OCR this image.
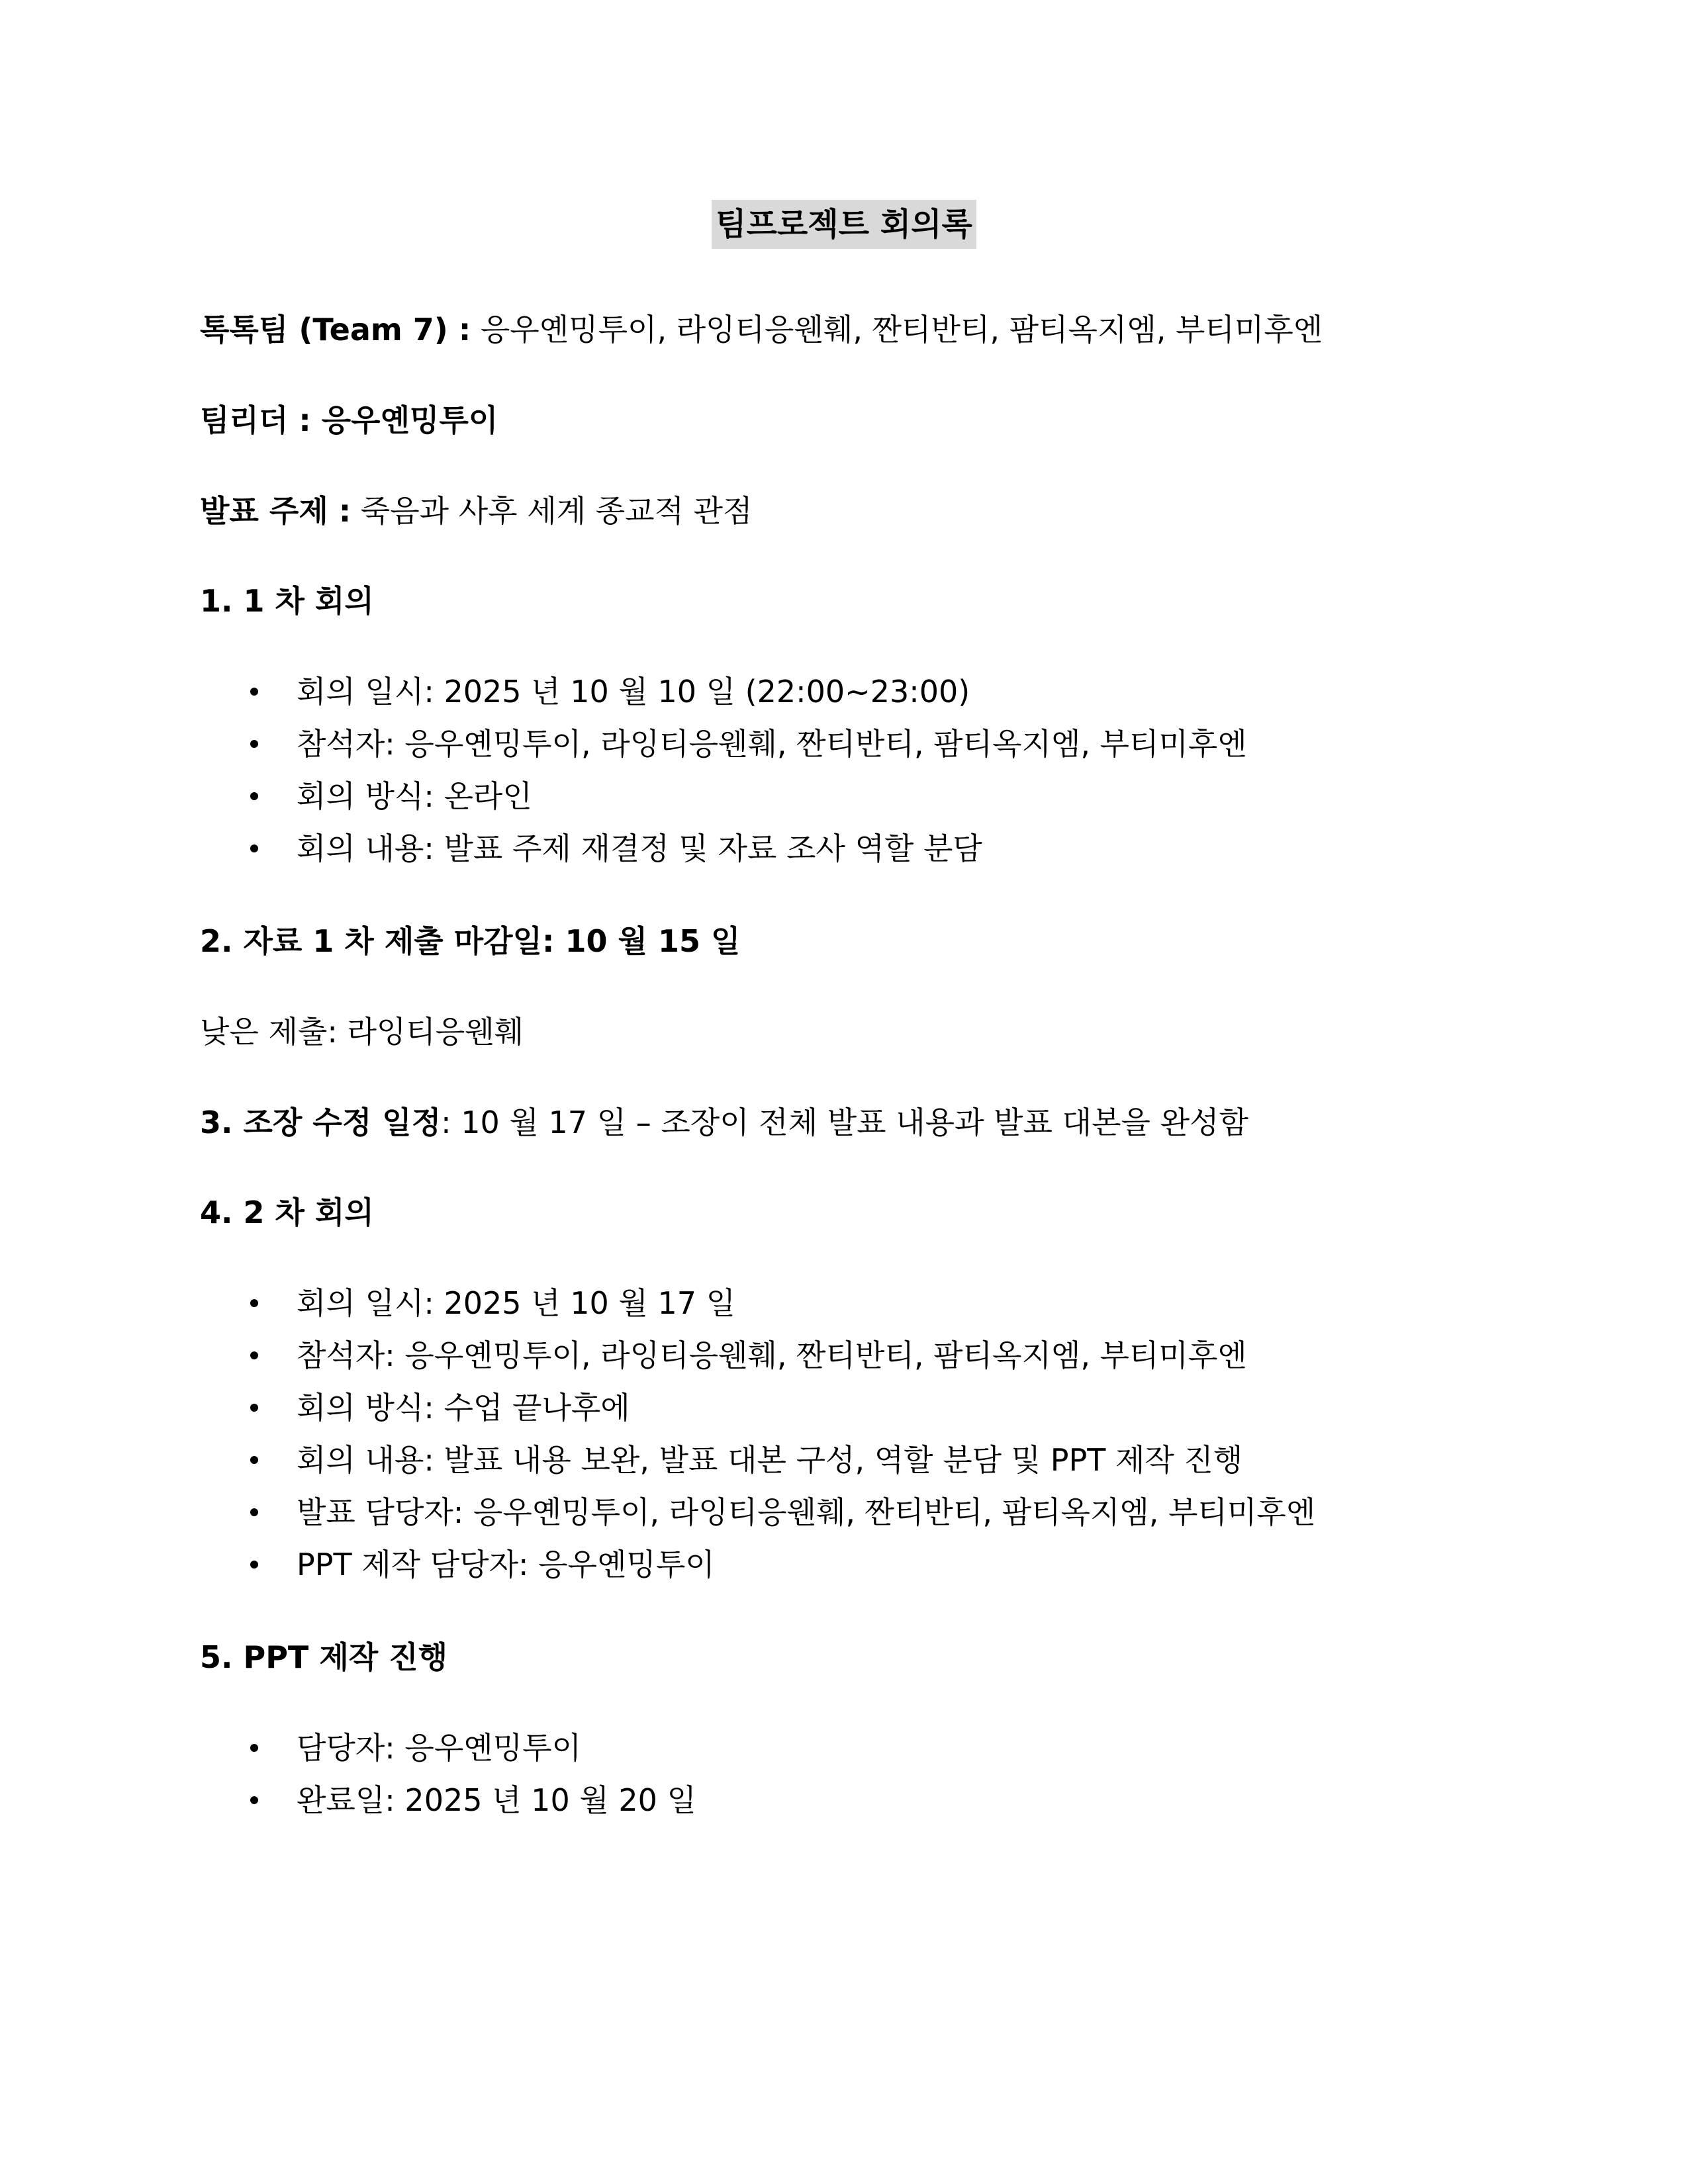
팀프로젝트 회의록
톡톡팀 (Team 7) : 응우옌밍투이, 라잉티응웬훼, 짠티반티, 팜티옥지엠, 부티미후엔
팀리더 : 응우옌밍투이
발표 주제 : 죽음과 사후 세계 종교적 관점
1. 1 차 회의
회의 일시: 2025 년 10 월 10 일 (22:00~23:00)
참석자: 응우옌밍투이, 라잉티응웬훼, 짠티반티, 팜티옥지엠, 부티미후엔
회의 방식: 온라인
회의 내용: 발표 주제 재결정 및 자료 조사 역할 분담
2. 자료 1 차 제출 마감일: 10 월 15 일
낮은 제출: 라잉티응웬훼
3. 조장 수정 일정: 10 월 17 일 – 조장이 전체 발표 내용과 발표 대본을 완성함
4. 2 차 회의
회의 일시: 2025 년 10 월 17 일
참석자: 응우옌밍투이, 라잉티응웬훼, 짠티반티, 팜티옥지엠, 부티미후엔
회의 방식: 수업 끝나후에
회의 내용: 발표 내용 보완, 발표 대본 구성, 역할 분담 및 PPT 제작 진행
발표 담당자: 응우옌밍투이, 라잉티응웬훼, 짠티반티, 팜티옥지엠, 부티미후엔
PPT 제작 담당자: 응우옌밍투이
5. PPT 제작 진행
담당자: 응우옌밍투이
완료일: 2025 년 10 월 20 일
